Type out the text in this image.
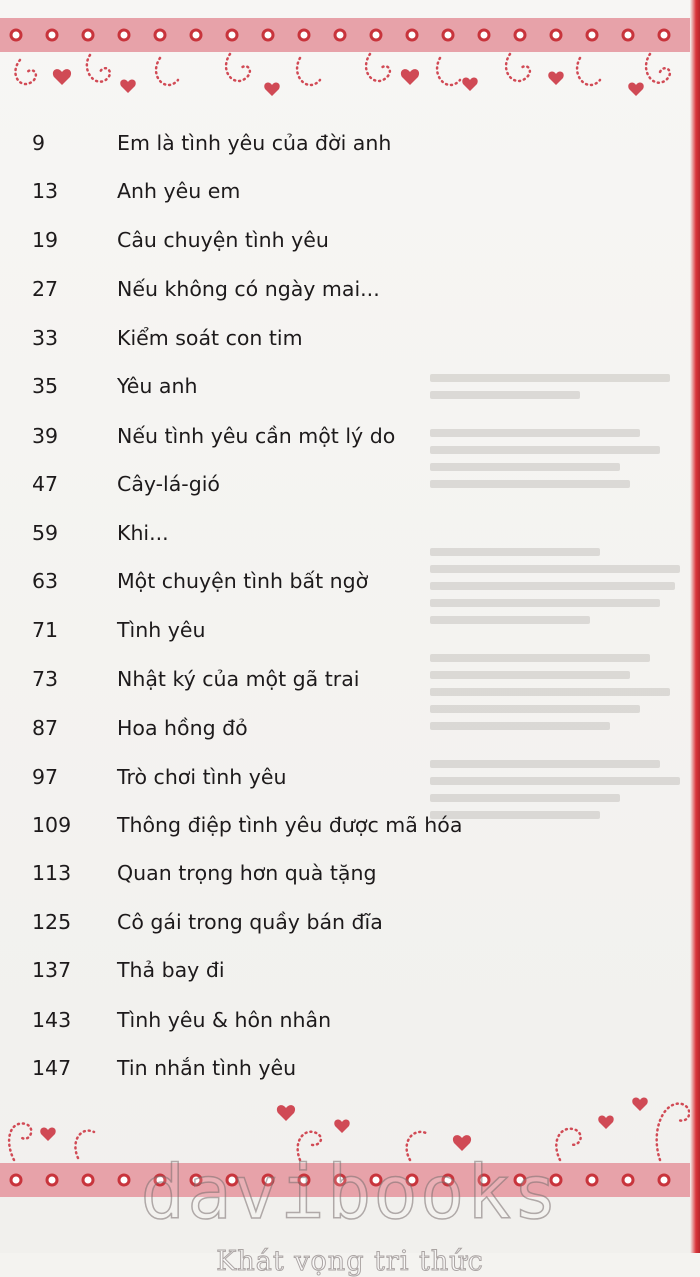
9	Em là tình yêu của đời anh
13	Anh yêu em
19	Câu chuyện tình yêu
27	Nếu không có ngày mai...
33	Kiểm soát con tim
35	Yêu anh
39	Nếu tình yêu cần một lý do
47	Cây-lá-gió
59	Khi...
63	Một chuyện tình bất ngờ
71	Tình yêu
73	Nhật ký của một gã trai
87	Hoa hồng đỏ
97	Trò chơi tình yêu
109	Thông điệp tình yêu được mã hóa
113	Quan trọng hơn quà tặng
125	Cô gái trong quầy bán đĩa
137	Thả bay đi
143	Tình yêu & hôn nhân
147	Tin nhắn tình yêu
davibooks
Khát vọng tri thức
